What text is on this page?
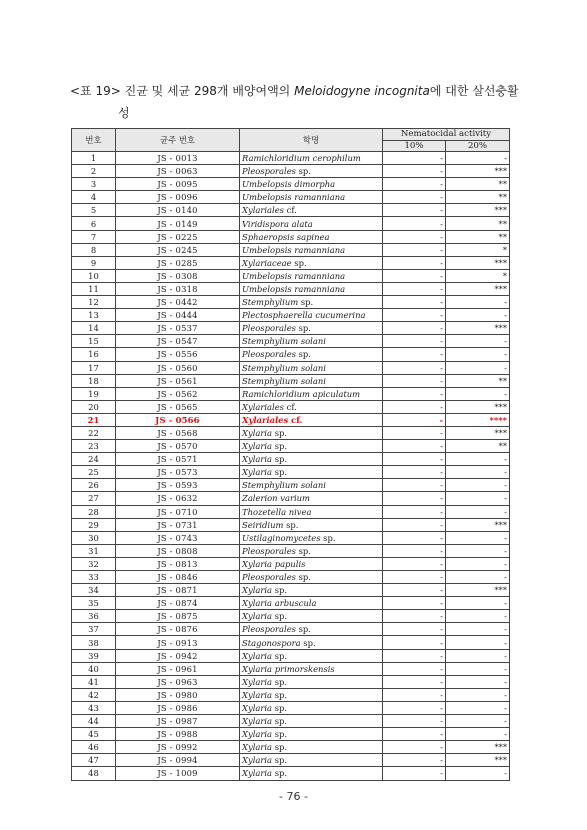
<표 19> 진균 및 세균 298개 배양여액의 Meloidogyne incognita에 대한 살선충활
성
번호	균주 번호	학명	Nematocidal activity	
			10%	20%
1	JS - 0013	Ramichloridium cerophilum	-	-
2	JS - 0063	Pleosporales sp.	-	***
3	JS - 0095	Umbelopsis dimorpha	-	**
4	JS - 0096	Umbelopsis ramanniana	-	**
5	JS - 0140	Xylariales cf.	-	***
6	JS - 0149	Viridispora alata	-	**
7	JS - 0225	Sphaeropsis sapinea	-	**
8	JS - 0245	Umbelopsis ramanniana	-	*
9	JS - 0285	Xylariaceae sp.	-	***
10	JS - 0308	Umbelopsis ramanniana	-	*
11	JS - 0318	Umbelopsis ramanniana	-	***
12	JS - 0442	Stemphylium sp.	-	-
13	JS - 0444	Plectosphaerella cucumerina	-	-
14	JS - 0537	Pleosporales sp.	-	***
15	JS - 0547	Stemphylium solani	-	-
16	JS - 0556	Pleosporales sp.	-	-
17	JS - 0560	Stemphylium solani	-	-
18	JS - 0561	Stemphylium solani	-	**
19	JS - 0562	Ramichloridium apiculatum	-	-
20	JS - 0565	Xylariales cf.	-	***
21	JS - 0566	Xylariales cf.	-	****
22	JS - 0568	Xylaria sp.	-	***
23	JS - 0570	Xylaria sp.	-	**
24	JS - 0571	Xylaria sp.	-	-
25	JS - 0573	Xylaria sp.	-	-
26	JS - 0593	Stemphylium solani	-	-
27	JS - 0632	Zalerion varium	-	-
28	JS - 0710	Thozetella nivea	-	-
29	JS - 0731	Seiridium sp.	-	***
30	JS - 0743	Ustilaginomycetes sp.	-	-
31	JS - 0808	Pleosporales sp.	-	-
32	JS - 0813	Xylaria papulis	-	-
33	JS - 0846	Pleosporales sp.	-	-
34	JS - 0871	Xylaria sp.	-	***
35	JS - 0874	Xylaria arbuscula	-	-
36	JS - 0875	Xylaria sp.	-	-
37	JS - 0876	Pleosporales sp.	-	-
38	JS - 0913	Stagonospora sp.	-	-
39	JS - 0942	Xylaria sp.	-	-
40	JS - 0961	Xylaria primorskensis	-	-
41	JS - 0963	Xylaria sp.	-	-
42	JS - 0980	Xylaria sp.	-	-
43	JS - 0986	Xylaria sp.	-	-
44	JS - 0987	Xylaria sp.	-	-
45	JS - 0988	Xylaria sp.	-	-
46	JS - 0992	Xylaria sp.	-	***
47	JS - 0994	Xylaria sp.	-	***
48	JS - 1009	Xylaria sp.	-	-
- 76 -
